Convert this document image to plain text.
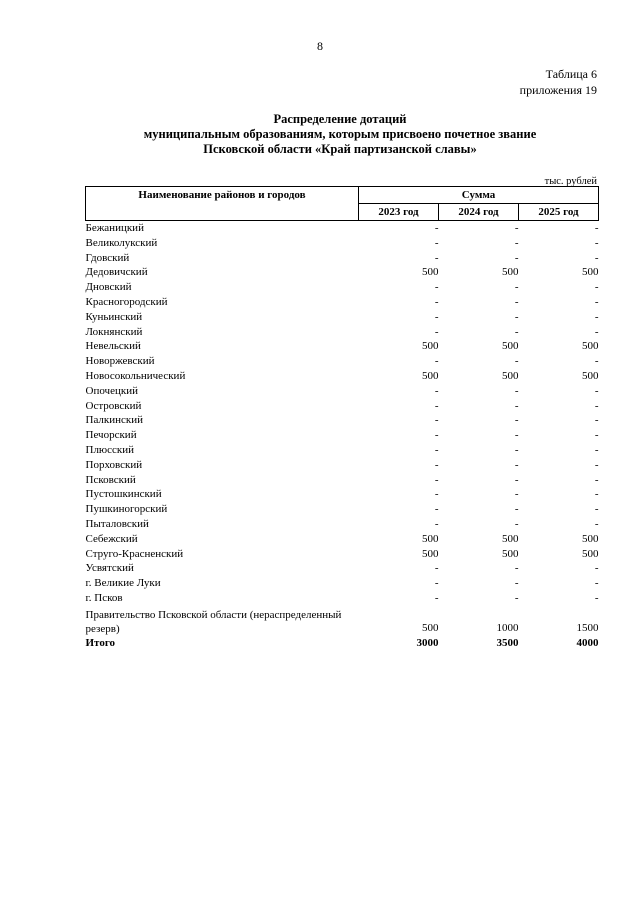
8
Таблица 6
приложения 19
Распределение дотаций
муниципальным образованиям, которым присвоено почетное звание
Псковской области «Край партизанской славы»
тыс. рублей
Наименование районов и городов	Сумма		
	2023 год	2024 год	2025 год
Бежаницкий	-	-	-
Великолукский	-	-	-
Гдовский	-	-	-
Дедовичский	500	500	500
Дновский	-	-	-
Красногородский	-	-	-
Куньинский	-	-	-
Локнянский	-	-	-
Невельский	500	500	500
Новоржевский	-	-	-
Новосокольнический	500	500	500
Опочецкий	-	-	-
Островский	-	-	-
Палкинский	-	-	-
Печорский	-	-	-
Плюсский	-	-	-
Порховский	-	-	-
Псковский	-	-	-
Пустошкинский	-	-	-
Пушкиногорский	-	-	-
Пыталовский	-	-	-
Себежский	500	500	500
Струго-Красненский	500	500	500
Усвятский	-	-	-
г. Великие Луки	-	-	-
г. Псков	-	-	-
Правительство Псковской области (нераспределенный резерв)	500	1000	1500
Итого	3000	3500	4000
